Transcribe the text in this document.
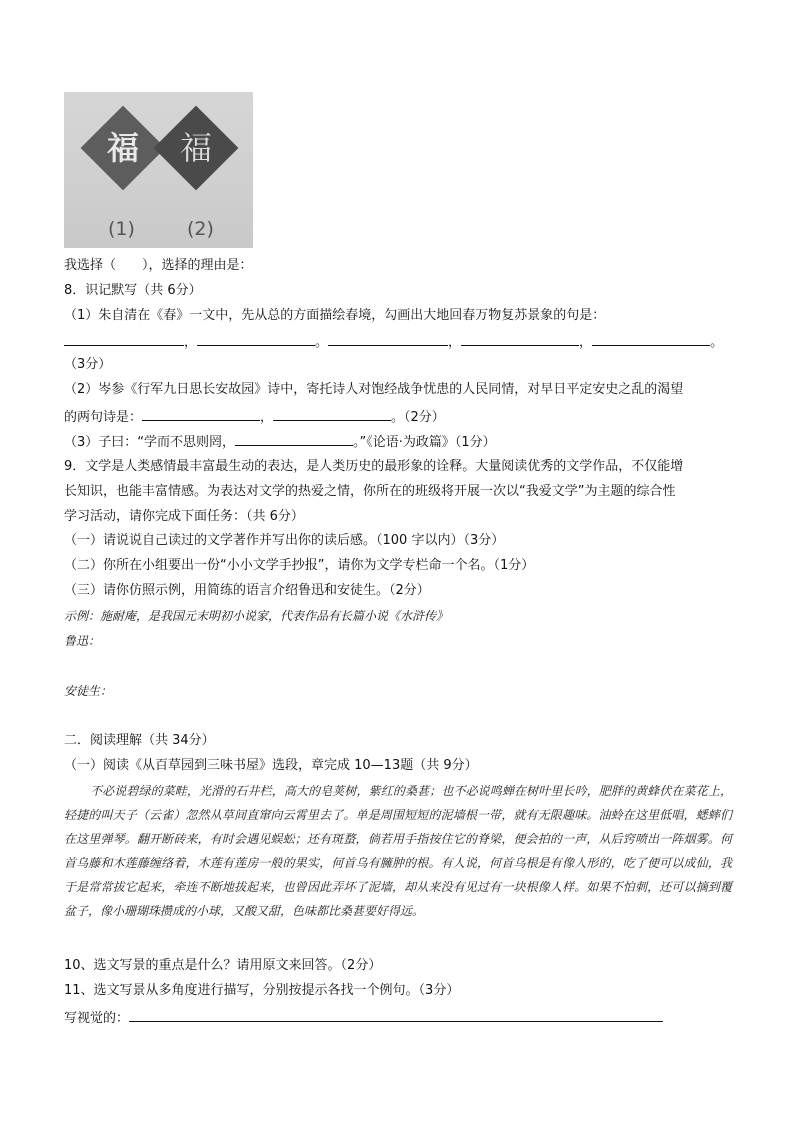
福 福
(1)	(2)
我选择（　　），选择的理由是：
8．识记默写（共 6分）
（1）朱自清在《春》一文中，先从总的方面描绘春境，勾画出大地回春万物复苏景象的句是：
，	。	，	，	。
（3分）
（2）岑参《行军九日思长安故园》诗中，寄托诗人对饱经战争忧患的人民同情，对早日平定安史之乱的渴望
的两句诗是：	，	。（2分）
（3）子曰：“学而不思则罔，	。”《论语·为政篇》（1分）
9．文学是人类感情最丰富最生动的表达，是人类历史的最形象的诠释。大量阅读优秀的文学作品，不仅能增
长知识，也能丰富情感。为表达对文学的热爱之情，你所在的班级将开展一次以“我爱文学”为主题的综合性
学习活动，请你完成下面任务：（共 6分）
（一）请说说自己读过的文学著作并写出你的读后感。（100 字以内）（3分）
（二）你所在小组要出一份“小小文学手抄报”，请你为文学专栏命一个名。（1分）
（三）请你仿照示例，用简练的语言介绍鲁迅和安徒生。（2分）
示例：施耐庵，是我国元末明初小说家，代表作品有长篇小说《水浒传》
鲁迅：
安徒生：
二．阅读理解（共 34分）
（一）阅读《从百草园到三味书屋》选段，章完成 10—13题（共 9分）
不必说碧绿的菜畦，光滑的石井栏，高大的皂荚树，紫红的桑葚；也不必说鸣蝉在树叶里长吟，肥胖的黄蜂伏在菜花上，轻捷的叫天子（云雀）忽然从草间直窜向云霄里去了。单是周围短短的泥墙根一带，就有无限趣味。油蛉在这里低唱，蟋蟀们在这里弹琴。翻开断砖来，有时会遇见蜈蚣；还有斑蝥，倘若用手指按住它的脊梁，便会拍的一声，从后窍喷出一阵烟雾。何首乌藤和木莲藤缠络着，木莲有莲房一般的果实，何首乌有臃肿的根。有人说，何首乌根是有像人形的，吃了便可以成仙，我于是常常拔它起来，牵连不断地拔起来，也曾因此弄坏了泥墙，却从来没有见过有一块根像人样。如果不怕刺，还可以摘到覆盆子，像小珊瑚珠攒成的小球，又酸又甜，色味都比桑葚要好得远。
10、选文写景的重点是什么？请用原文来回答。（2分）
11、选文写景从多角度进行描写，分别按提示各找一个例句。（3分）
写视觉的：
